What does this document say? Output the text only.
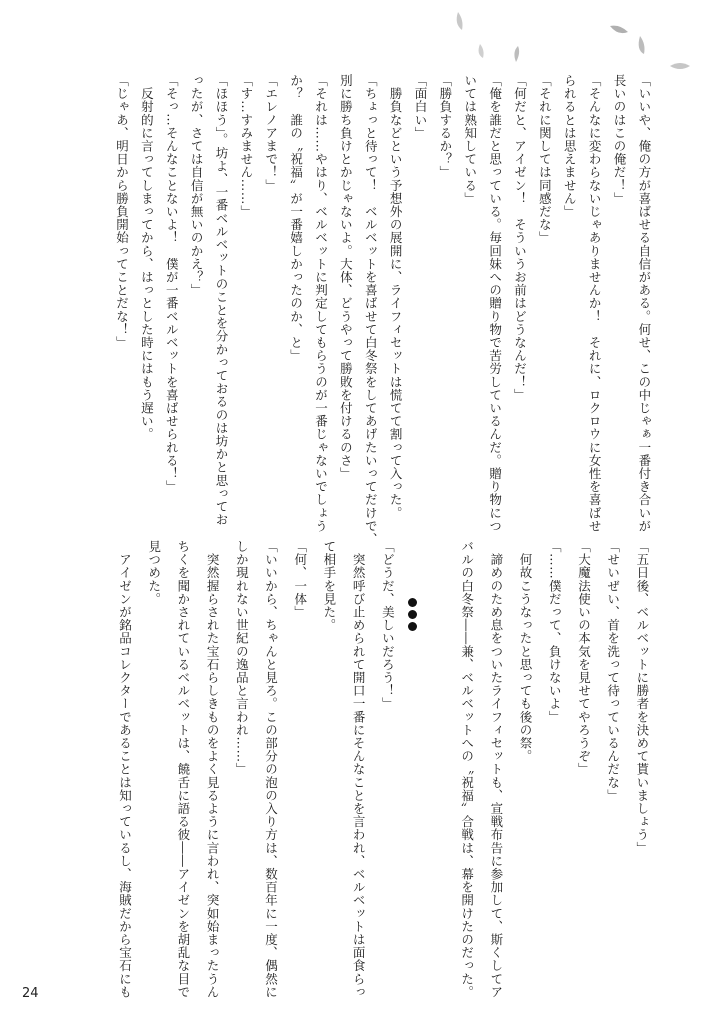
「いいや、俺の方が喜ばせる自信がある。何せ、この中じゃぁ一番付き合いが
長いのはこの俺だ！」
「そんなに変わらないじゃありませんか！　それに、ロクロウに女性を喜ばせ
られるとは思えません」
「それに関しては同感だな」
「何だと、アイゼン！　そういうお前はどうなんだ！」
「俺を誰だと思っている。毎回妹への贈り物で苦労しているんだ。贈り物につ
いては熟知している」
「勝負するか？」
「面白い」
　勝負などという予想外の展開に、ライフィセットは慌てて割って入った。
「ちょっと待って！　ベルベットを喜ばせて白冬祭をしてあげたいってだけで、
別に勝ち負けとかじゃないよ。大体、どうやって勝敗を付けるのさ」
「それは……やはり、ベルベットに判定してもらうのが一番じゃないでしょう
か？　誰の〝祝福〟が一番嬉しかったのか、と」
「エレノアまで！」
「す…すみません……」
「ほほう」。坊よ、一番ベルベットのことを分かっておるのは坊かと思ってお
ったが、さては自信が無いのかえ？」
「そっ…そんなことないよ！　僕が一番ベルベットを喜ばせられる！」
　反射的に言ってしまってから、はっとした時にはもう遅い。
「じゃあ、明日から勝負開始ってことだな！」
「五日後、ベルベットに勝者を決めて貰いましょう」
「せいぜい、首を洗って待っているんだな」
「大魔法使いの本気を見せてやろうぞ」
「……僕だって、負けないよ」
　何故こうなったと思っても後の祭。
　諦めのため息をついたライフィセットも、宣戦布告に参加して、斯くしてア
バルの白冬祭――兼、ベルベットへの〝祝福〟合戦は、幕を開けたのだった。
「どうだ、美しいだろう！」
　突然呼び止められて開口一番にそんなことを言われ、ベルベットは面食らっ
て相手を見た。
「何、一体」
「いいから、ちゃんと見ろ。この部分の泡の入り方は、数百年に一度、偶然に
しか現れない世紀の逸品と言われ……」
　突然握らされた宝石らしきものをよく見るように言われ、突如始まったうん
ちくを聞かされているベルベットは、饒舌に語る彼――アイゼンを胡乱な目で
見つめた。
　アイゼンが銘品コレクターであることは知っているし、海賊だから宝石にも
24
